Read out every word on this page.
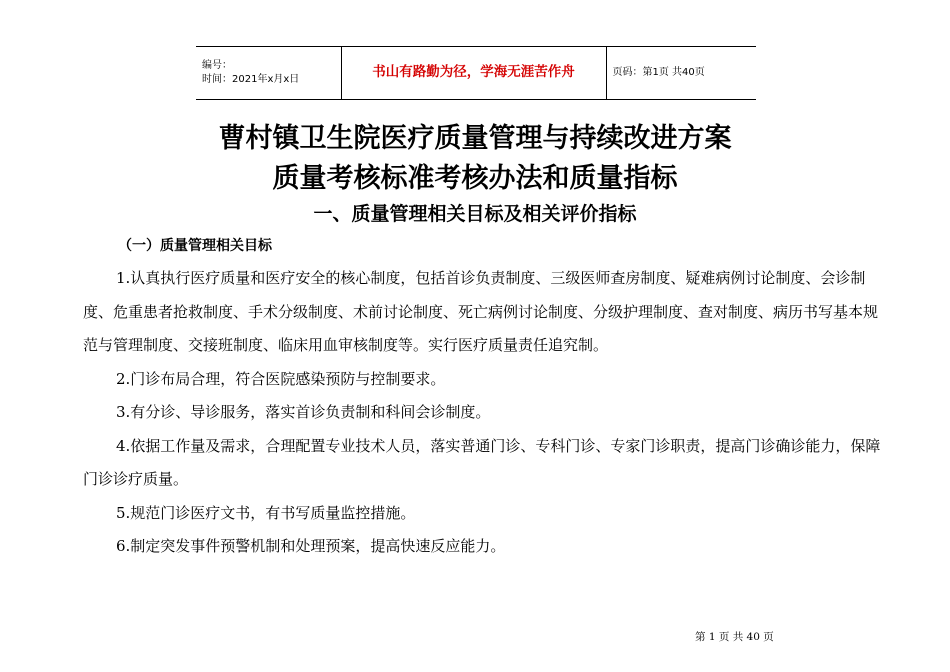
编号：
时间：2021年x月x日	书山有路勤为径，学海无涯苦作舟	页码：第1页 共40页
曹村镇卫生院医疗质量管理与持续改进方案
质量考核标准考核办法和质量指标
一、质量管理相关目标及相关评价指标
（一）质量管理相关目标

1.认真执行医疗质量和医疗安全的核心制度，包括首诊负责制度、三级医师查房制度、疑难病例讨论制度、会诊制度、危重患者抢救制度、手术分级制度、术前讨论制度、死亡病例讨论制度、分级护理制度、查对制度、病历书写基本规范与管理制度、交接班制度、临床用血审核制度等。实行医疗质量责任追究制。

2.门诊布局合理，符合医院感染预防与控制要求。

3.有分诊、导诊服务，落实首诊负责制和科间会诊制度。

4.依据工作量及需求，合理配置专业技术人员，落实普通门诊、专科门诊、专家门诊职责，提高门诊确诊能力，保障门诊诊疗质量。

5.规范门诊医疗文书，有书写质量监控措施。

6.制定突发事件预警机制和处理预案，提高快速反应能力。

第 1 页 共 40 页
